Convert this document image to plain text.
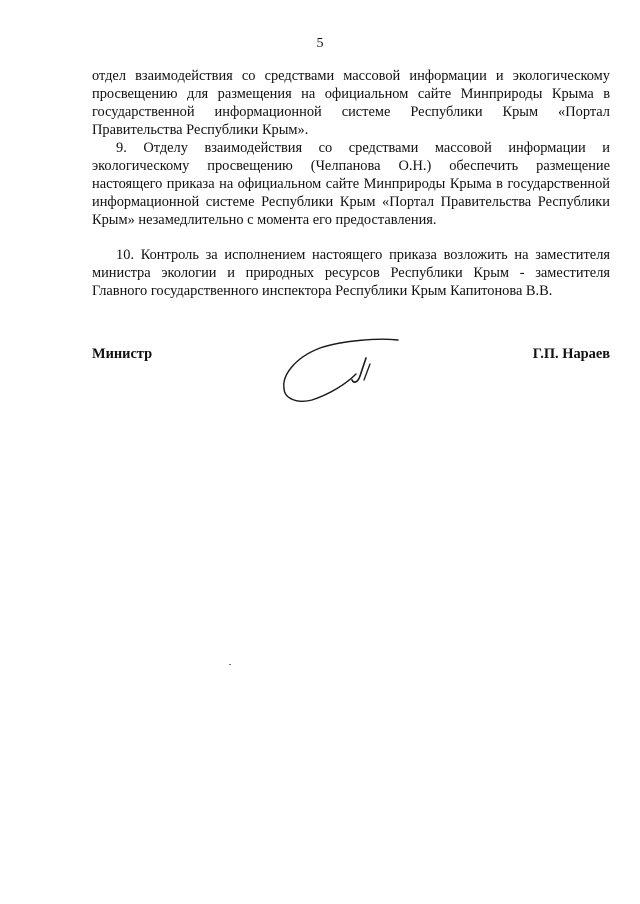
5

отдел взаимодействия со средствами массовой информации и экологическому просвещению для размещения на официальном сайте Минприроды Крыма в государственной информационной системе Республики Крым «Портал Правительства Республики Крым».

9. Отделу взаимодействия со средствами массовой информации и экологическому просвещению (Челпанова О.Н.) обеспечить размещение настоящего приказа на официальном сайте Минприроды Крыма в государственной информационной системе Республики Крым «Портал Правительства Республики Крым» незамедлительно с момента его предоставления.

10. Контроль за исполнением настоящего приказа возложить на заместителя министра экологии и природных ресурсов Республики Крым - заместителя Главного государственного инспектора Республики Крым Капитонова В.В.

Министр	Г.П. Нараев
